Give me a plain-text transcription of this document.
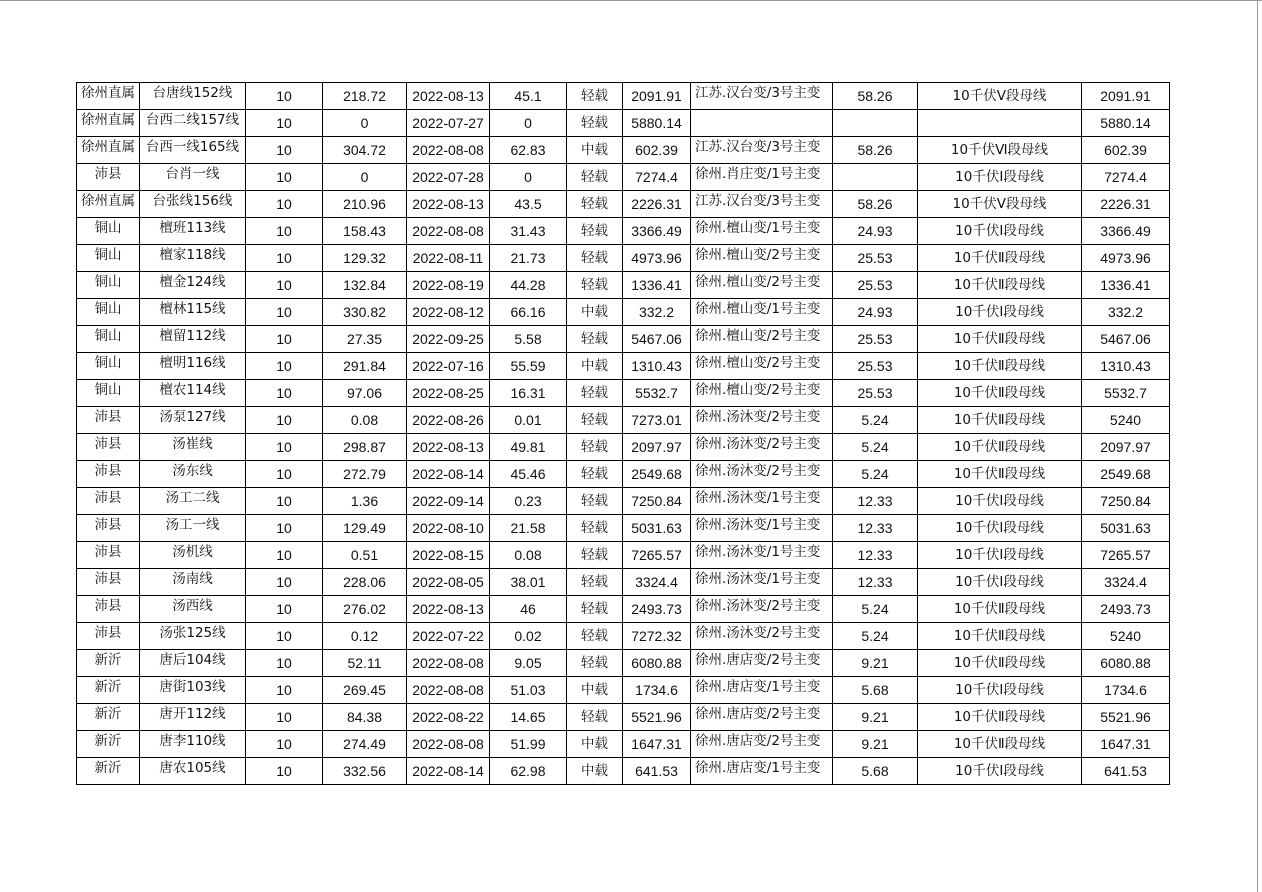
徐州直属	台唐线152线	10	218.72	2022-08-13	45.1	轻载	2091.91	江苏.汉台变/3号主变	58.26	10千伏Ⅴ段母线	2091.91
徐州直属	台西二线157线	10	0	2022-07-27	0	轻载	5880.14				5880.14
徐州直属	台西一线165线	10	304.72	2022-08-08	62.83	中载	602.39	江苏.汉台变/3号主变	58.26	10千伏Ⅵ段母线	602.39
沛县	台肖一线	10	0	2022-07-28	0	轻载	7274.4	徐州.肖庄变/1号主变		10千伏Ⅰ段母线	7274.4
徐州直属	台张线156线	10	210.96	2022-08-13	43.5	轻载	2226.31	江苏.汉台变/3号主变	58.26	10千伏Ⅴ段母线	2226.31
铜山	檀班113线	10	158.43	2022-08-08	31.43	轻载	3366.49	徐州.檀山变/1号主变	24.93	10千伏Ⅰ段母线	3366.49
铜山	檀家118线	10	129.32	2022-08-11	21.73	轻载	4973.96	徐州.檀山变/2号主变	25.53	10千伏Ⅱ段母线	4973.96
铜山	檀金124线	10	132.84	2022-08-19	44.28	轻载	1336.41	徐州.檀山变/2号主变	25.53	10千伏Ⅱ段母线	1336.41
铜山	檀林115线	10	330.82	2022-08-12	66.16	中载	332.2	徐州.檀山变/1号主变	24.93	10千伏Ⅰ段母线	332.2
铜山	檀留112线	10	27.35	2022-09-25	5.58	轻载	5467.06	徐州.檀山变/2号主变	25.53	10千伏Ⅱ段母线	5467.06
铜山	檀明116线	10	291.84	2022-07-16	55.59	中载	1310.43	徐州.檀山变/2号主变	25.53	10千伏Ⅱ段母线	1310.43
铜山	檀农114线	10	97.06	2022-08-25	16.31	轻载	5532.7	徐州.檀山变/2号主变	25.53	10千伏Ⅱ段母线	5532.7
沛县	汤泵127线	10	0.08	2022-08-26	0.01	轻载	7273.01	徐州.汤沐变/2号主变	5.24	10千伏Ⅱ段母线	5240
沛县	汤崔线	10	298.87	2022-08-13	49.81	轻载	2097.97	徐州.汤沐变/2号主变	5.24	10千伏Ⅱ段母线	2097.97
沛县	汤东线	10	272.79	2022-08-14	45.46	轻载	2549.68	徐州.汤沐变/2号主变	5.24	10千伏Ⅱ段母线	2549.68
沛县	汤工二线	10	1.36	2022-09-14	0.23	轻载	7250.84	徐州.汤沐变/1号主变	12.33	10千伏Ⅰ段母线	7250.84
沛县	汤工一线	10	129.49	2022-08-10	21.58	轻载	5031.63	徐州.汤沐变/1号主变	12.33	10千伏Ⅰ段母线	5031.63
沛县	汤机线	10	0.51	2022-08-15	0.08	轻载	7265.57	徐州.汤沐变/1号主变	12.33	10千伏Ⅰ段母线	7265.57
沛县	汤南线	10	228.06	2022-08-05	38.01	轻载	3324.4	徐州.汤沐变/1号主变	12.33	10千伏Ⅰ段母线	3324.4
沛县	汤西线	10	276.02	2022-08-13	46	轻载	2493.73	徐州.汤沐变/2号主变	5.24	10千伏Ⅱ段母线	2493.73
沛县	汤张125线	10	0.12	2022-07-22	0.02	轻载	7272.32	徐州.汤沐变/2号主变	5.24	10千伏Ⅱ段母线	5240
新沂	唐后104线	10	52.11	2022-08-08	9.05	轻载	6080.88	徐州.唐店变/2号主变	9.21	10千伏Ⅱ段母线	6080.88
新沂	唐街103线	10	269.45	2022-08-08	51.03	中载	1734.6	徐州.唐店变/1号主变	5.68	10千伏Ⅰ段母线	1734.6
新沂	唐开112线	10	84.38	2022-08-22	14.65	轻载	5521.96	徐州.唐店变/2号主变	9.21	10千伏Ⅱ段母线	5521.96
新沂	唐李110线	10	274.49	2022-08-08	51.99	中载	1647.31	徐州.唐店变/2号主变	9.21	10千伏Ⅱ段母线	1647.31
新沂	唐农105线	10	332.56	2022-08-14	62.98	中载	641.53	徐州.唐店变/1号主变	5.68	10千伏Ⅰ段母线	641.53
